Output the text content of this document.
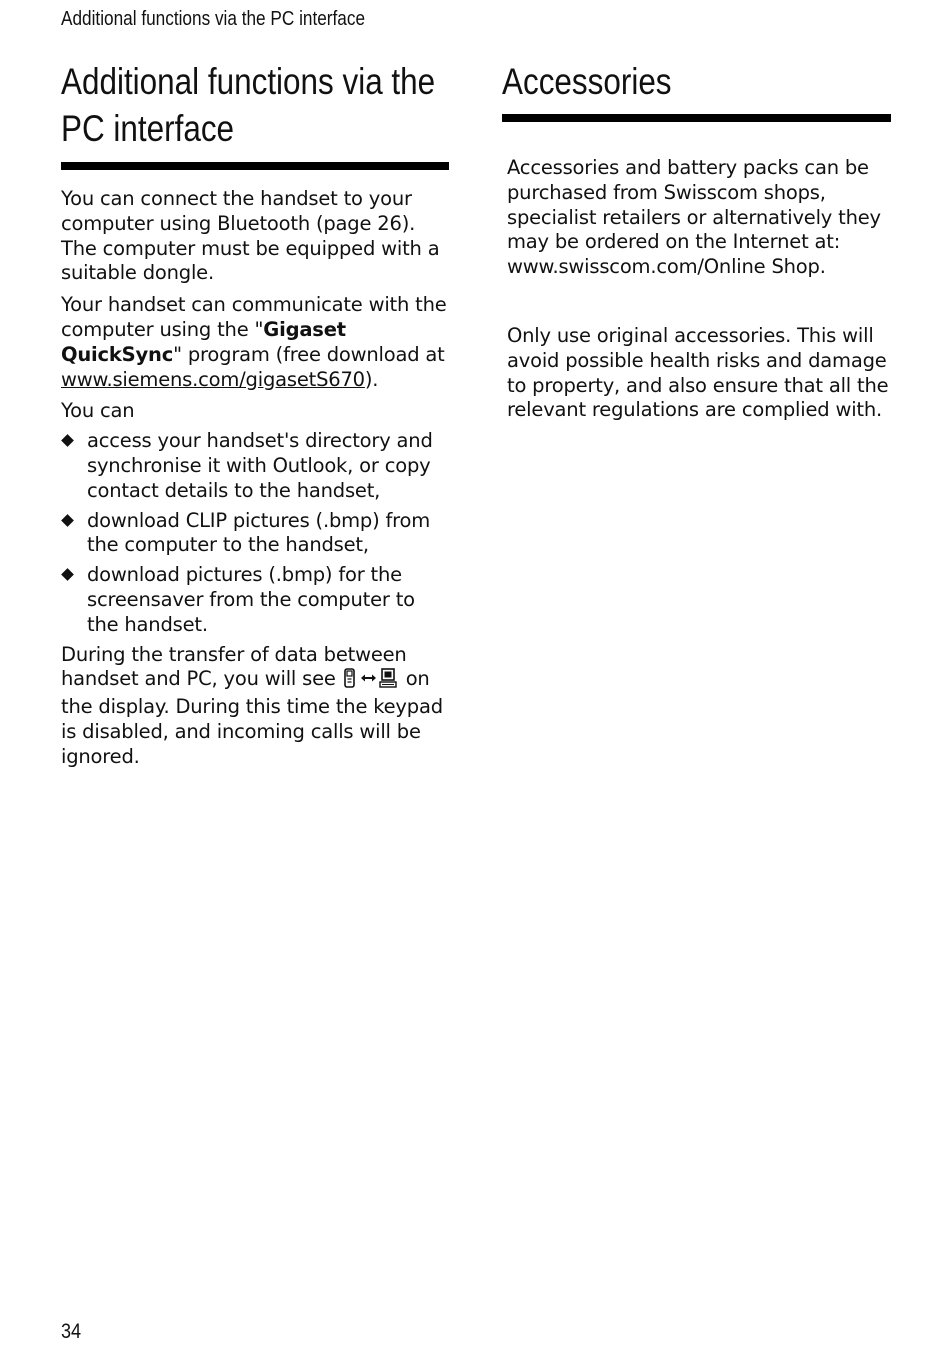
Additional functions via the PC interface
Additional functions via the PC interface

You can connect the handset to your computer using Bluetooth (page 26). The computer must be equipped with a suitable dongle.

Your handset can communicate with the computer using the "Gigaset QuickSync" program (free download at www.siemens.com/gigasetS670).

You can

access your handset's directory and synchronise it with Outlook, or copy contact details to the handset,
download CLIP pictures (.bmp) from the computer to the handset,
download pictures (.bmp) for the screensaver from the computer to the handset.

During the transfer of data between handset and PC, you will see	on the display. During this time the keypad is disabled, and incoming calls will be ignored.

Accessories

Accessories and battery packs can be purchased from Swisscom shops, specialist retailers or alternatively they may be ordered on the Internet at: www.swisscom.com/Online Shop.

Only use original accessories. This will avoid possible health risks and damage to property, and also ensure that all the relevant regulations are complied with.

34
